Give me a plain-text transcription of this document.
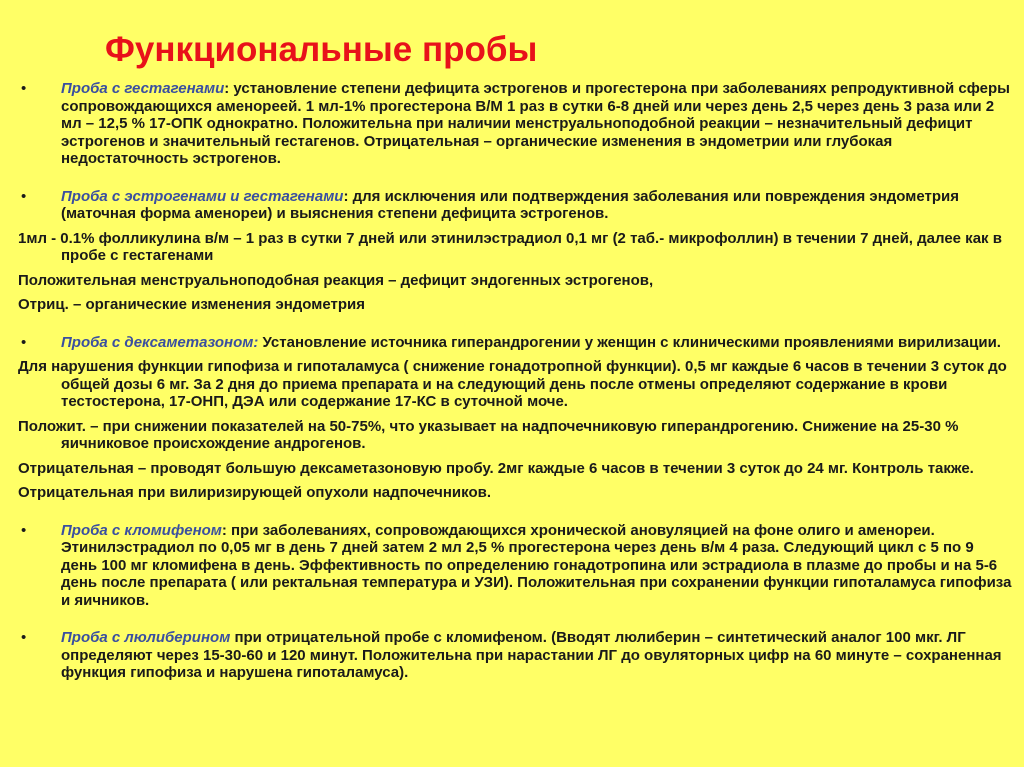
Функциональные пробы

• Проба с гестагенами: установление степени дефицита эстрогенов и прогестерона при заболеваниях репродуктивной сферы сопровождающихся аменореей. 1 мл-1% прогестерона В/М 1 раз в сутки 6-8 дней или через день 2,5 через день 3 раза или 2 мл – 12,5 % 17-ОПК однократно. Положительна при наличии менструальноподобной реакции – незначительный дефицит эстрогенов и значительный гестагенов. Отрицательная – органические изменения в эндометрии или глубокая недостаточность эстрогенов.

• Проба с эстрогенами и гестагенами: для исключения или подтверждения заболевания или повреждения эндометрия (маточная форма аменореи) и выяснения степени дефицита эстрогенов.

1мл - 0.1% фолликулина в/м – 1 раз в сутки 7 дней или этинилэстрадиол 0,1 мг (2 таб.- микрофоллин) в течении 7 дней, далее как в пробе с гестагенами

Положительная менструальноподобная реакция – дефицит эндогенных эстрогенов,

Отриц. – органические изменения эндометрия

• Проба с дексаметазоном: Установление источника гиперандрогении у женщин с клиническими проявлениями вирилизации.

Для нарушения функции гипофиза и гипоталамуса ( снижение гонадотропной функции). 0,5 мг каждые 6 часов в течении 3 суток до общей дозы 6 мг. За 2 дня до приема препарата и на следующий день после отмены определяют содержание в крови тестостерона, 17-ОНП, ДЭА или содержание 17-КС в суточной моче.

Положит. – при снижении показателей на 50-75%, что указывает на надпочечниковую гиперандрогению. Снижение на 25-30 % яичниковое происхождение андрогенов.

Отрицательная – проводят большую дексаметазоновую пробу. 2мг каждые 6 часов в течении 3 суток до 24 мг. Контроль также.

Отрицательная при вилиризирующей опухоли надпочечников.

• Проба с кломифеном: при заболеваниях, сопровождающихся хронической ановуляцией на фоне олиго и аменореи. Этинилэстрадиол по 0,05 мг в день 7 дней затем 2 мл 2,5 % прогестерона через день в/м 4 раза. Следующий цикл с 5 по 9 день 100 мг кломифена в день. Эффективность по определению гонадотропина или эстрадиола в плазме до пробы и на 5-6 день после препарата ( или ректальная температура и УЗИ). Положительная при сохранении функции гипоталамуса гипофиза и яичников.

• Проба с люлиберином при отрицательной пробе с кломифеном. (Вводят люлиберин – синтетический аналог 100 мкг. ЛГ определяют через 15-30-60 и 120 минут. Положительна при нарастании ЛГ до овуляторных цифр на 60 минуте – сохраненная функция гипофиза и нарушена гипоталамуса).
